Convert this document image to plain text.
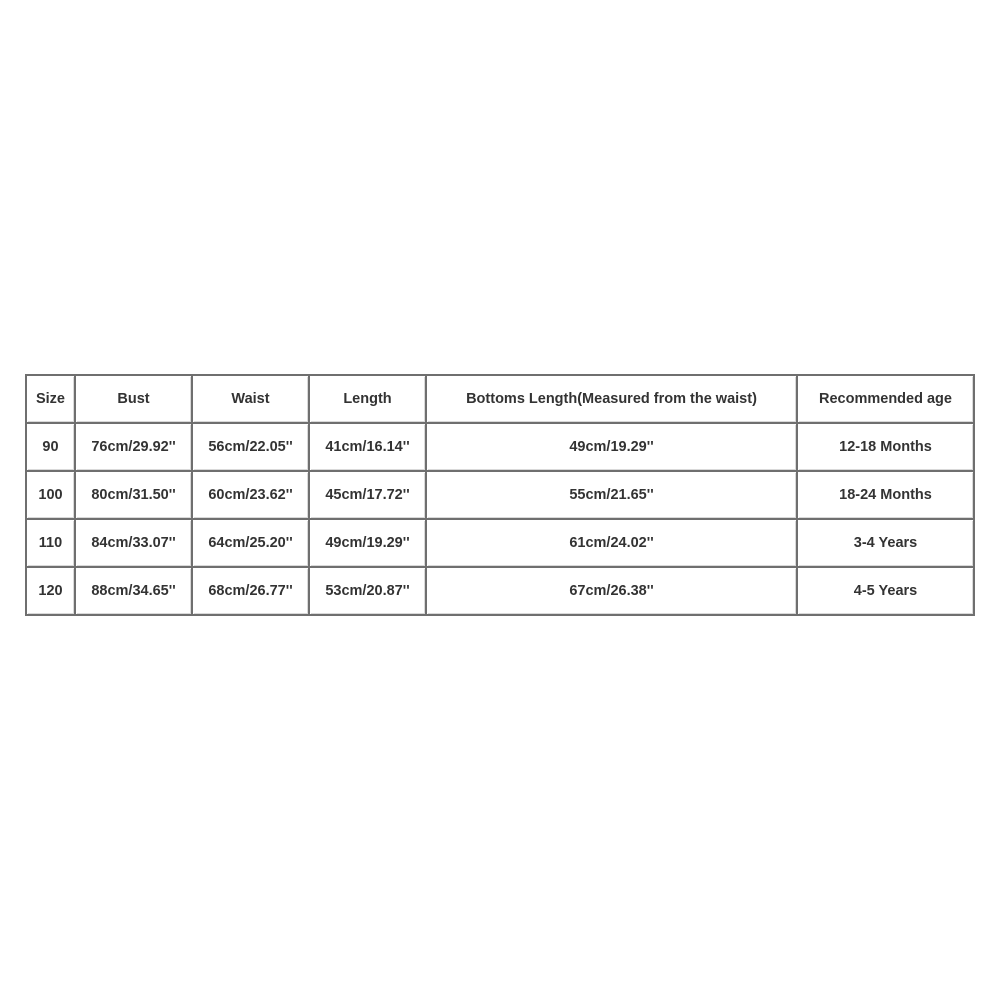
Size	Bust	Waist	Length	Bottoms Length(Measured from the waist)	Recommended age
90	76cm/29.92''	56cm/22.05''	41cm/16.14''	49cm/19.29''	12-18 Months
100	80cm/31.50''	60cm/23.62''	45cm/17.72''	55cm/21.65''	18-24 Months
110	84cm/33.07''	64cm/25.20''	49cm/19.29''	61cm/24.02''	3-4 Years
120	88cm/34.65''	68cm/26.77''	53cm/20.87''	67cm/26.38''	4-5 Years
